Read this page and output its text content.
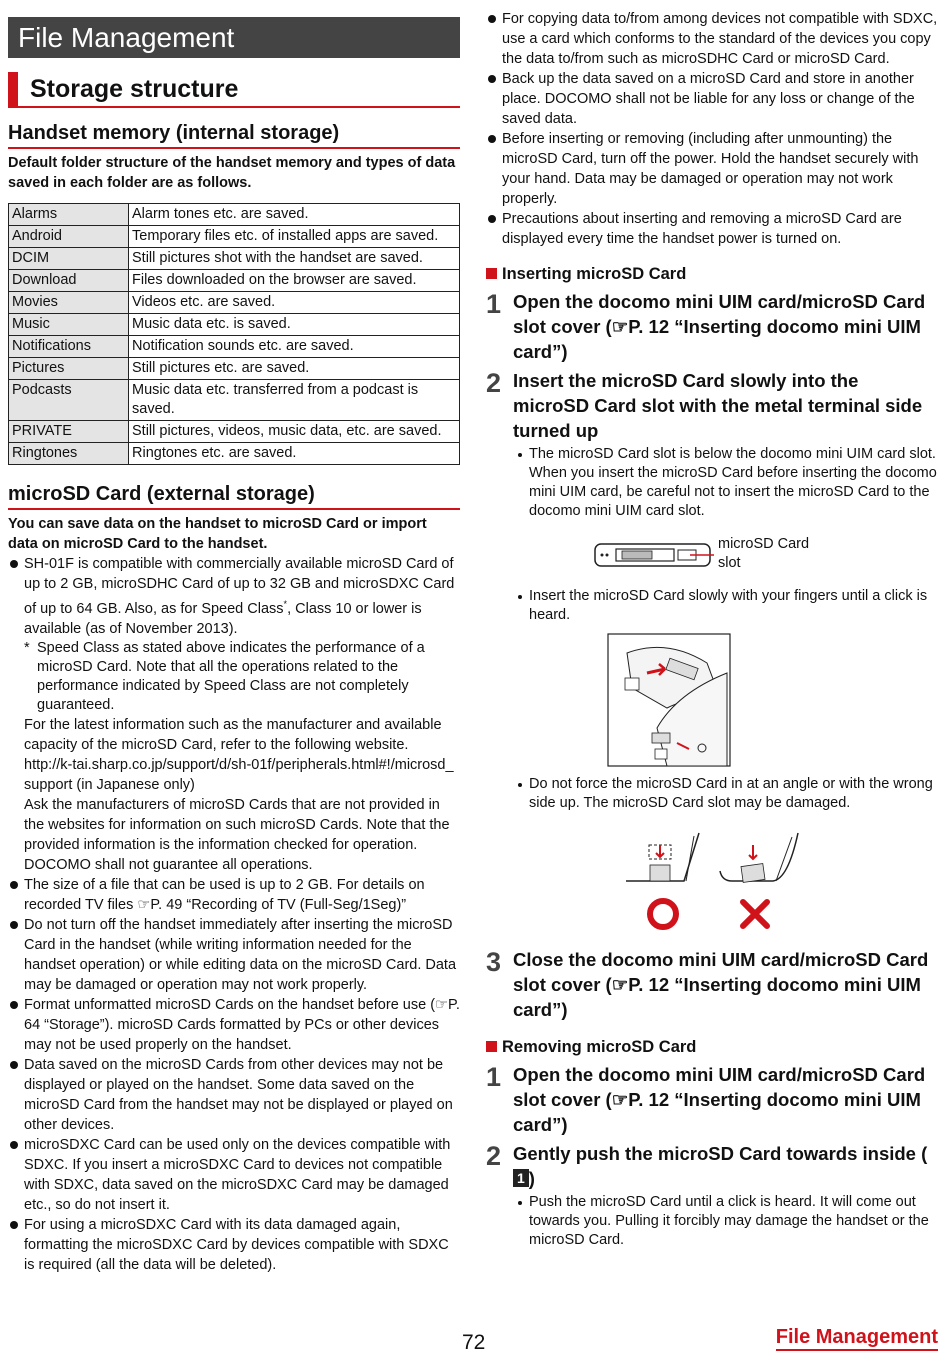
File Management
Storage structure
Handset memory (internal storage)
Default folder structure of the handset memory and types of data saved in each folder are as follows.
Alarms	Alarm tones etc. are saved.
Android	Temporary files etc. of installed apps are saved.
DCIM	Still pictures shot with the handset are saved.
Download	Files downloaded on the browser are saved.
Movies	Videos etc. are saved.
Music	Music data etc. is saved.
Notifications	Notification sounds etc. are saved.
Pictures	Still pictures etc. are saved.
Podcasts	Music data etc. transferred from a podcast is saved.
PRIVATE	Still pictures, videos, music data, etc. are saved.
Ringtones	Ringtones etc. are saved.
microSD Card (external storage)
You can save data on the handset to microSD Card or import data on microSD Card to the handset.
SH-01F is compatible with commercially available microSD Card of up to 2 GB, microSDHC Card of up to 32 GB and microSDXC Card of up to 64 GB. Also, as for Speed Class*, Class 10 or lower is available (as of November 2013).
* Speed Class as stated above indicates the performance of a microSD Card. Note that all the operations related to the performance indicated by Speed Class are not completely guaranteed.
For the latest information such as the manufacturer and available capacity of the microSD Card, refer to the following website.
http://k-tai.sharp.co.jp/support/d/sh-01f/peripherals.html#!/microsd_support (in Japanese only)
Ask the manufacturers of microSD Cards that are not provided in the websites for information on such microSD Cards. Note that the provided information is the information checked for operation. DOCOMO shall not guarantee all operations.
The size of a file that can be used is up to 2 GB. For details on recorded TV files ☞P. 49 “Recording of TV (Full-Seg/1Seg)”
Do not turn off the handset immediately after inserting the microSD Card in the handset (while writing information needed for the handset operation) or while editing data on the microSD Card. Data may be damaged or operation may not work properly.
Format unformatted microSD Cards on the handset before use (☞P. 64 “Storage”). microSD Cards formatted by PCs or other devices may not be used properly on the handset.
Data saved on the microSD Cards from other devices may not be displayed or played on the handset. Some data saved on the microSD Card from the handset may not be displayed or played on other devices.
microSDXC Card can be used only on the devices compatible with SDXC. If you insert a microSDXC Card to devices not compatible with SDXC, data saved on the microSDXC Card may be damaged etc., so do not insert it.
For using a microSDXC Card with its data damaged again, formatting the microSDXC Card by devices compatible with SDXC is required (all the data will be deleted).
For copying data to/from among devices not compatible with SDXC, use a card which conforms to the standard of the devices you copy the data to/from such as microSDHC Card or microSD Card.
Back up the data saved on a microSD Card and store in another place. DOCOMO shall not be liable for any loss or change of the saved data.
Before inserting or removing (including after unmounting) the microSD Card, turn off the power. Hold the handset securely with your hand. Data may be damaged or operation may not work properly.
Precautions about inserting and removing a microSD Card are displayed every time the handset power is turned on.
Inserting microSD Card
1 Open the docomo mini UIM card/microSD Card slot cover (☞P. 12 “Inserting docomo mini UIM card”)
2 Insert the microSD Card slowly into the microSD Card slot with the metal terminal side turned up
The microSD Card slot is below the docomo mini UIM card slot. When you insert the microSD Card before inserting the docomo mini UIM card, be careful not to insert the microSD Card to the docomo mini UIM card slot.
microSD Card
slot
Insert the microSD Card slowly with your fingers until a click is heard.
Do not force the microSD Card in at an angle or with the wrong side up. The microSD Card slot may be damaged.
3 Close the docomo mini UIM card/microSD Card slot cover (☞P. 12 “Inserting docomo mini UIM card”)
Removing microSD Card
1 Open the docomo mini UIM card/microSD Card slot cover (☞P. 12 “Inserting docomo mini UIM card”)
2 Gently push the microSD Card towards inside (1 )
Push the microSD Card until a click is heard. It will come out towards you. Pulling it forcibly may damage the handset or the microSD Card.
72	File Management
